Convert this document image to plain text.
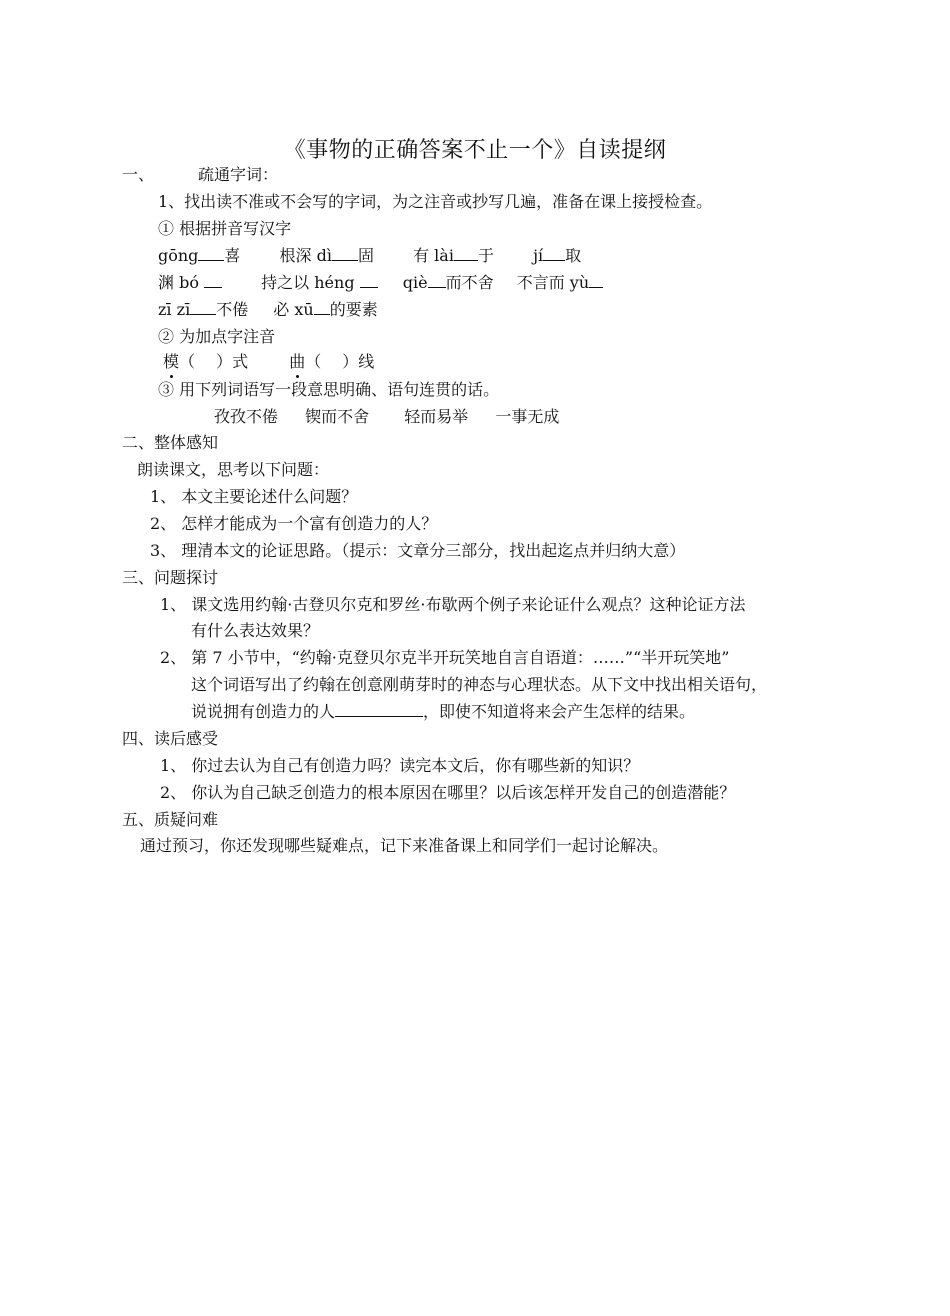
《事物的正确答案不止一个》自读提纲
一、	疏通字词：
1、找出读不准或不会写的字词，为之注音或抄写几遍，准备在课上接授检查。
① 根据拼音写汉字
gōng 喜 根深 dì 固 有 lài 于 jí 取
渊 bó	持之以 héng	qiè 而不舍 不言而 yù
zī zī 不倦 必 xū 的要素
② 为加点字注音
模（　 ）式	曲（　 ）线
③ 用下列词语写一段意思明确、语句连贯的话。
孜孜不倦 锲而不舍 轻而易举 一事无成
二、整体感知
朗读课文，思考以下问题：
1、 本文主要论述什么问题？
2、 怎样才能成为一个富有创造力的人？
3、 理清本文的论证思路。（提示：文章分三部分，找出起迄点并归纳大意）
三、问题探讨
1、 课文选用约翰·古登贝尔克和罗丝·布歇两个例子来论证什么观点？这种论证方法
有什么表达效果？
2、 第 7 小节中，“约翰·克登贝尔克半开玩笑地自言自语道：……”“半开玩笑地”
这个词语写出了约翰在创意刚萌芽时的神态与心理状态。从下文中找出相关语句，
说说拥有创造力的人	，即使不知道将来会产生怎样的结果。
四、读后感受
1、 你过去认为自己有创造力吗？读完本文后，你有哪些新的知识？
2、 你认为自己缺乏创造力的根本原因在哪里？以后该怎样开发自己的创造潜能？
五、质疑问难
通过预习，你还发现哪些疑难点，记下来准备课上和同学们一起讨论解决。
